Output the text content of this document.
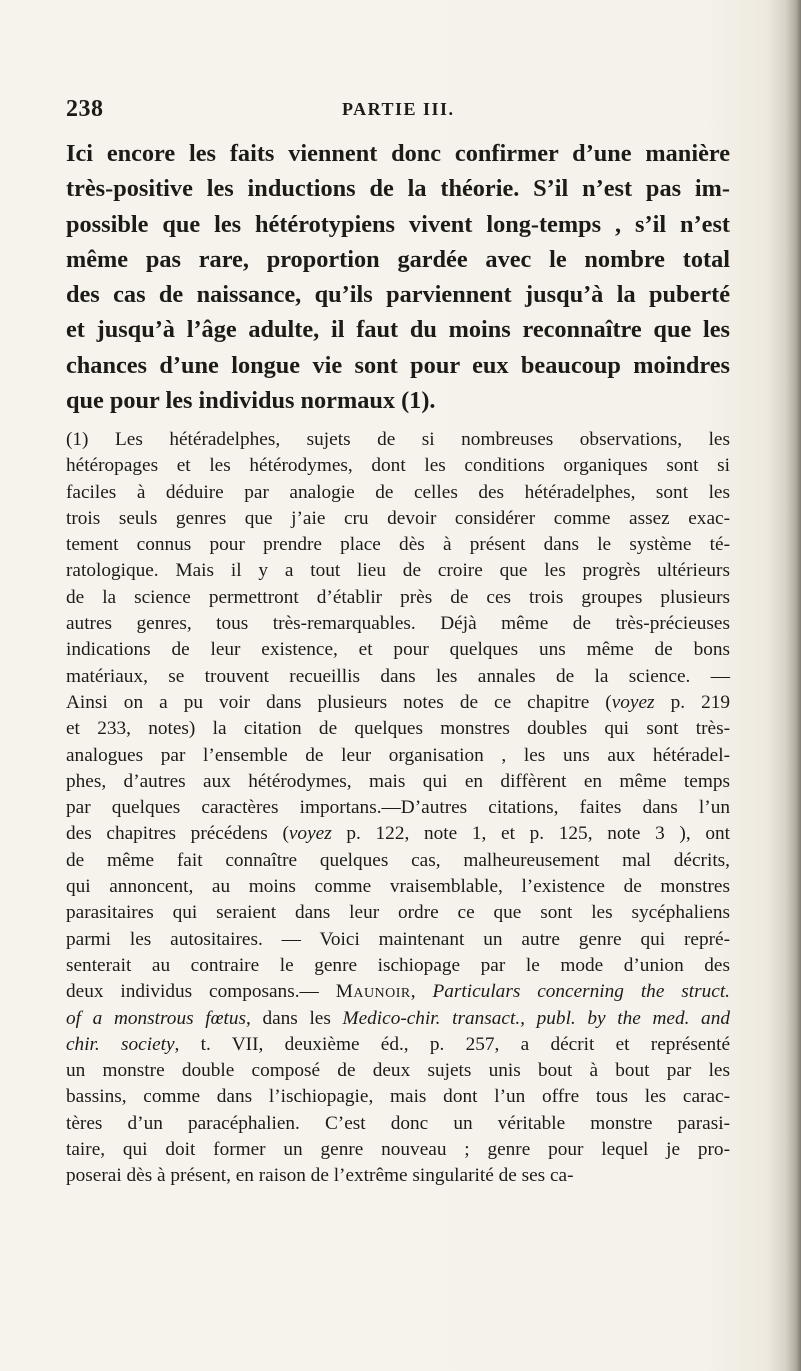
238	PARTIE III.
Ici encore les faits viennent donc confirmer d’une manière
très-positive les inductions de la théorie. S’il n’est pas im-
possible que les hétérotypiens vivent long-temps , s’il n’est
même pas rare, proportion gardée avec le nombre total
des cas de naissance, qu’ils parviennent jusqu’à la puberté
et jusqu’à l’âge adulte, il faut du moins reconnaître que les
chances d’une longue vie sont pour eux beaucoup moindres
que pour les individus normaux (1).
(1) Les hétéradelphes, sujets de si nombreuses observations, les
hétéropages et les hétérodymes, dont les conditions organiques sont si
faciles à déduire par analogie de celles des hétéradelphes, sont les
trois seuls genres que j’aie cru devoir considérer comme assez exac-
tement connus pour prendre place dès à présent dans le système té-
ratologique. Mais il y a tout lieu de croire que les progrès ultérieurs
de la science permettront d’établir près de ces trois groupes plusieurs
autres genres, tous très-remarquables. Déjà même de très-précieuses
indications de leur existence, et pour quelques uns même de bons
matériaux, se trouvent recueillis dans les annales de la science. —
Ainsi on a pu voir dans plusieurs notes de ce chapitre (voyez p. 219
et 233, notes) la citation de quelques monstres doubles qui sont très-
analogues par l’ensemble de leur organisation , les uns aux hétéradel-
phes, d’autres aux hétérodymes, mais qui en diffèrent en même temps
par quelques caractères importans.—D’autres citations, faites dans l’un
des chapitres précédens (voyez p. 122, note 1, et p. 125, note 3 ), ont
de même fait connaître quelques cas, malheureusement mal décrits,
qui annoncent, au moins comme vraisemblable, l’existence de monstres
parasitaires qui seraient dans leur ordre ce que sont les sycéphaliens
parmi les autositaires. — Voici maintenant un autre genre qui repré-
senterait au contraire le genre ischiopage par le mode d’union des
deux individus composans.— Maunoir, Particulars concerning the struct.
of a monstrous fœtus, dans les Medico-chir. transact., publ. by the med. and
chir. society, t. VII, deuxième éd., p. 257, a décrit et représenté
un monstre double composé de deux sujets unis bout à bout par les
bassins, comme dans l’ischiopagie, mais dont l’un offre tous les carac-
tères d’un paracéphalien. C’est donc un véritable monstre parasi-
taire, qui doit former un genre nouveau ; genre pour lequel je pro-
poserai dès à présent, en raison de l’extrême singularité de ses ca-
